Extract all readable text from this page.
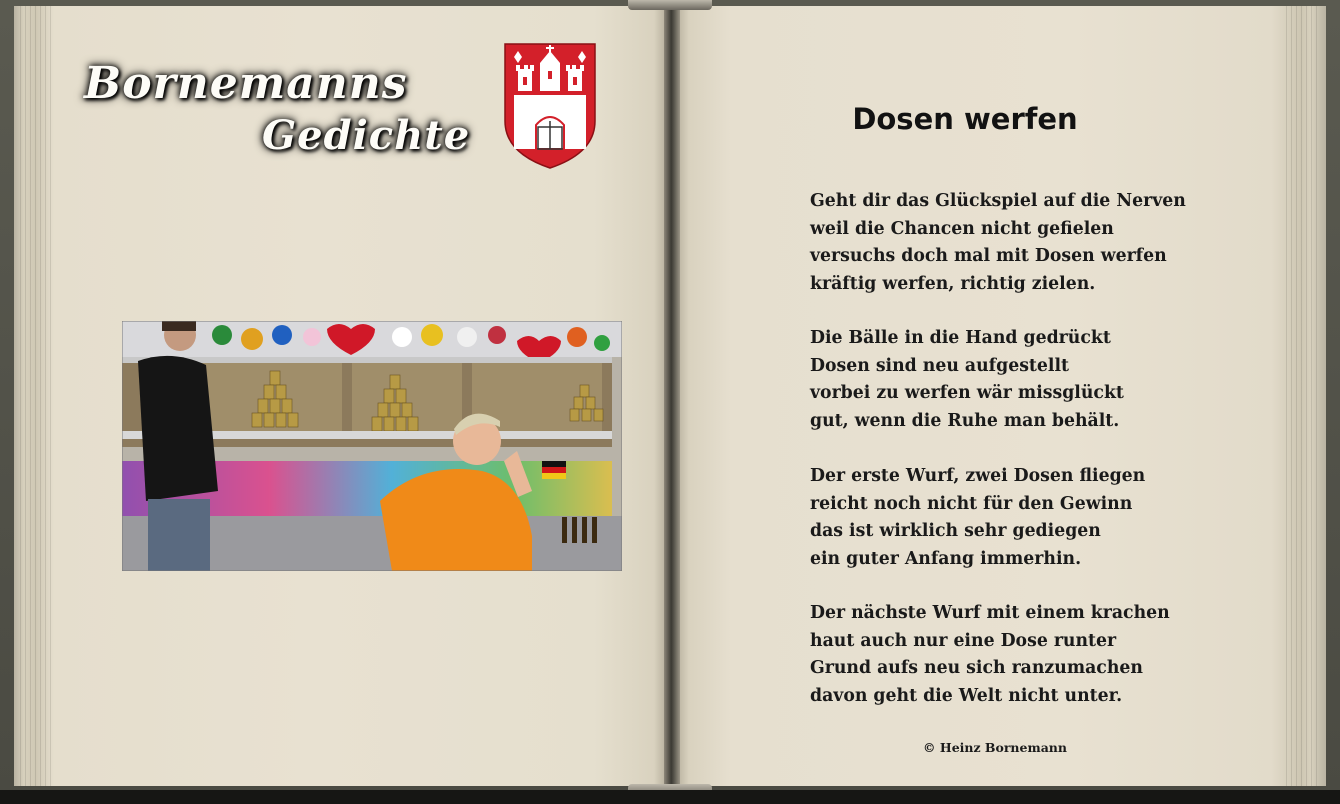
Bornemanns
Gedichte	Dosen werfen
Geht dir das Glückspiel auf die Nerven
weil die Chancen nicht gefielen
versuchs doch mal mit Dosen werfen
kräftig werfen, richtig zielen.
Die Bälle in die Hand gedrückt
Dosen sind neu aufgestellt
vorbei zu werfen wär missglückt
gut, wenn die Ruhe man behält.
Der erste Wurf, zwei Dosen fliegen
reicht noch nicht für den Gewinn
das ist wirklich sehr gediegen
ein guter Anfang immerhin.
Der nächste Wurf mit einem krachen
haut auch nur eine Dose runter
Grund aufs neu sich ranzumachen
davon geht die Welt nicht unter.
© Heinz Bornemann
